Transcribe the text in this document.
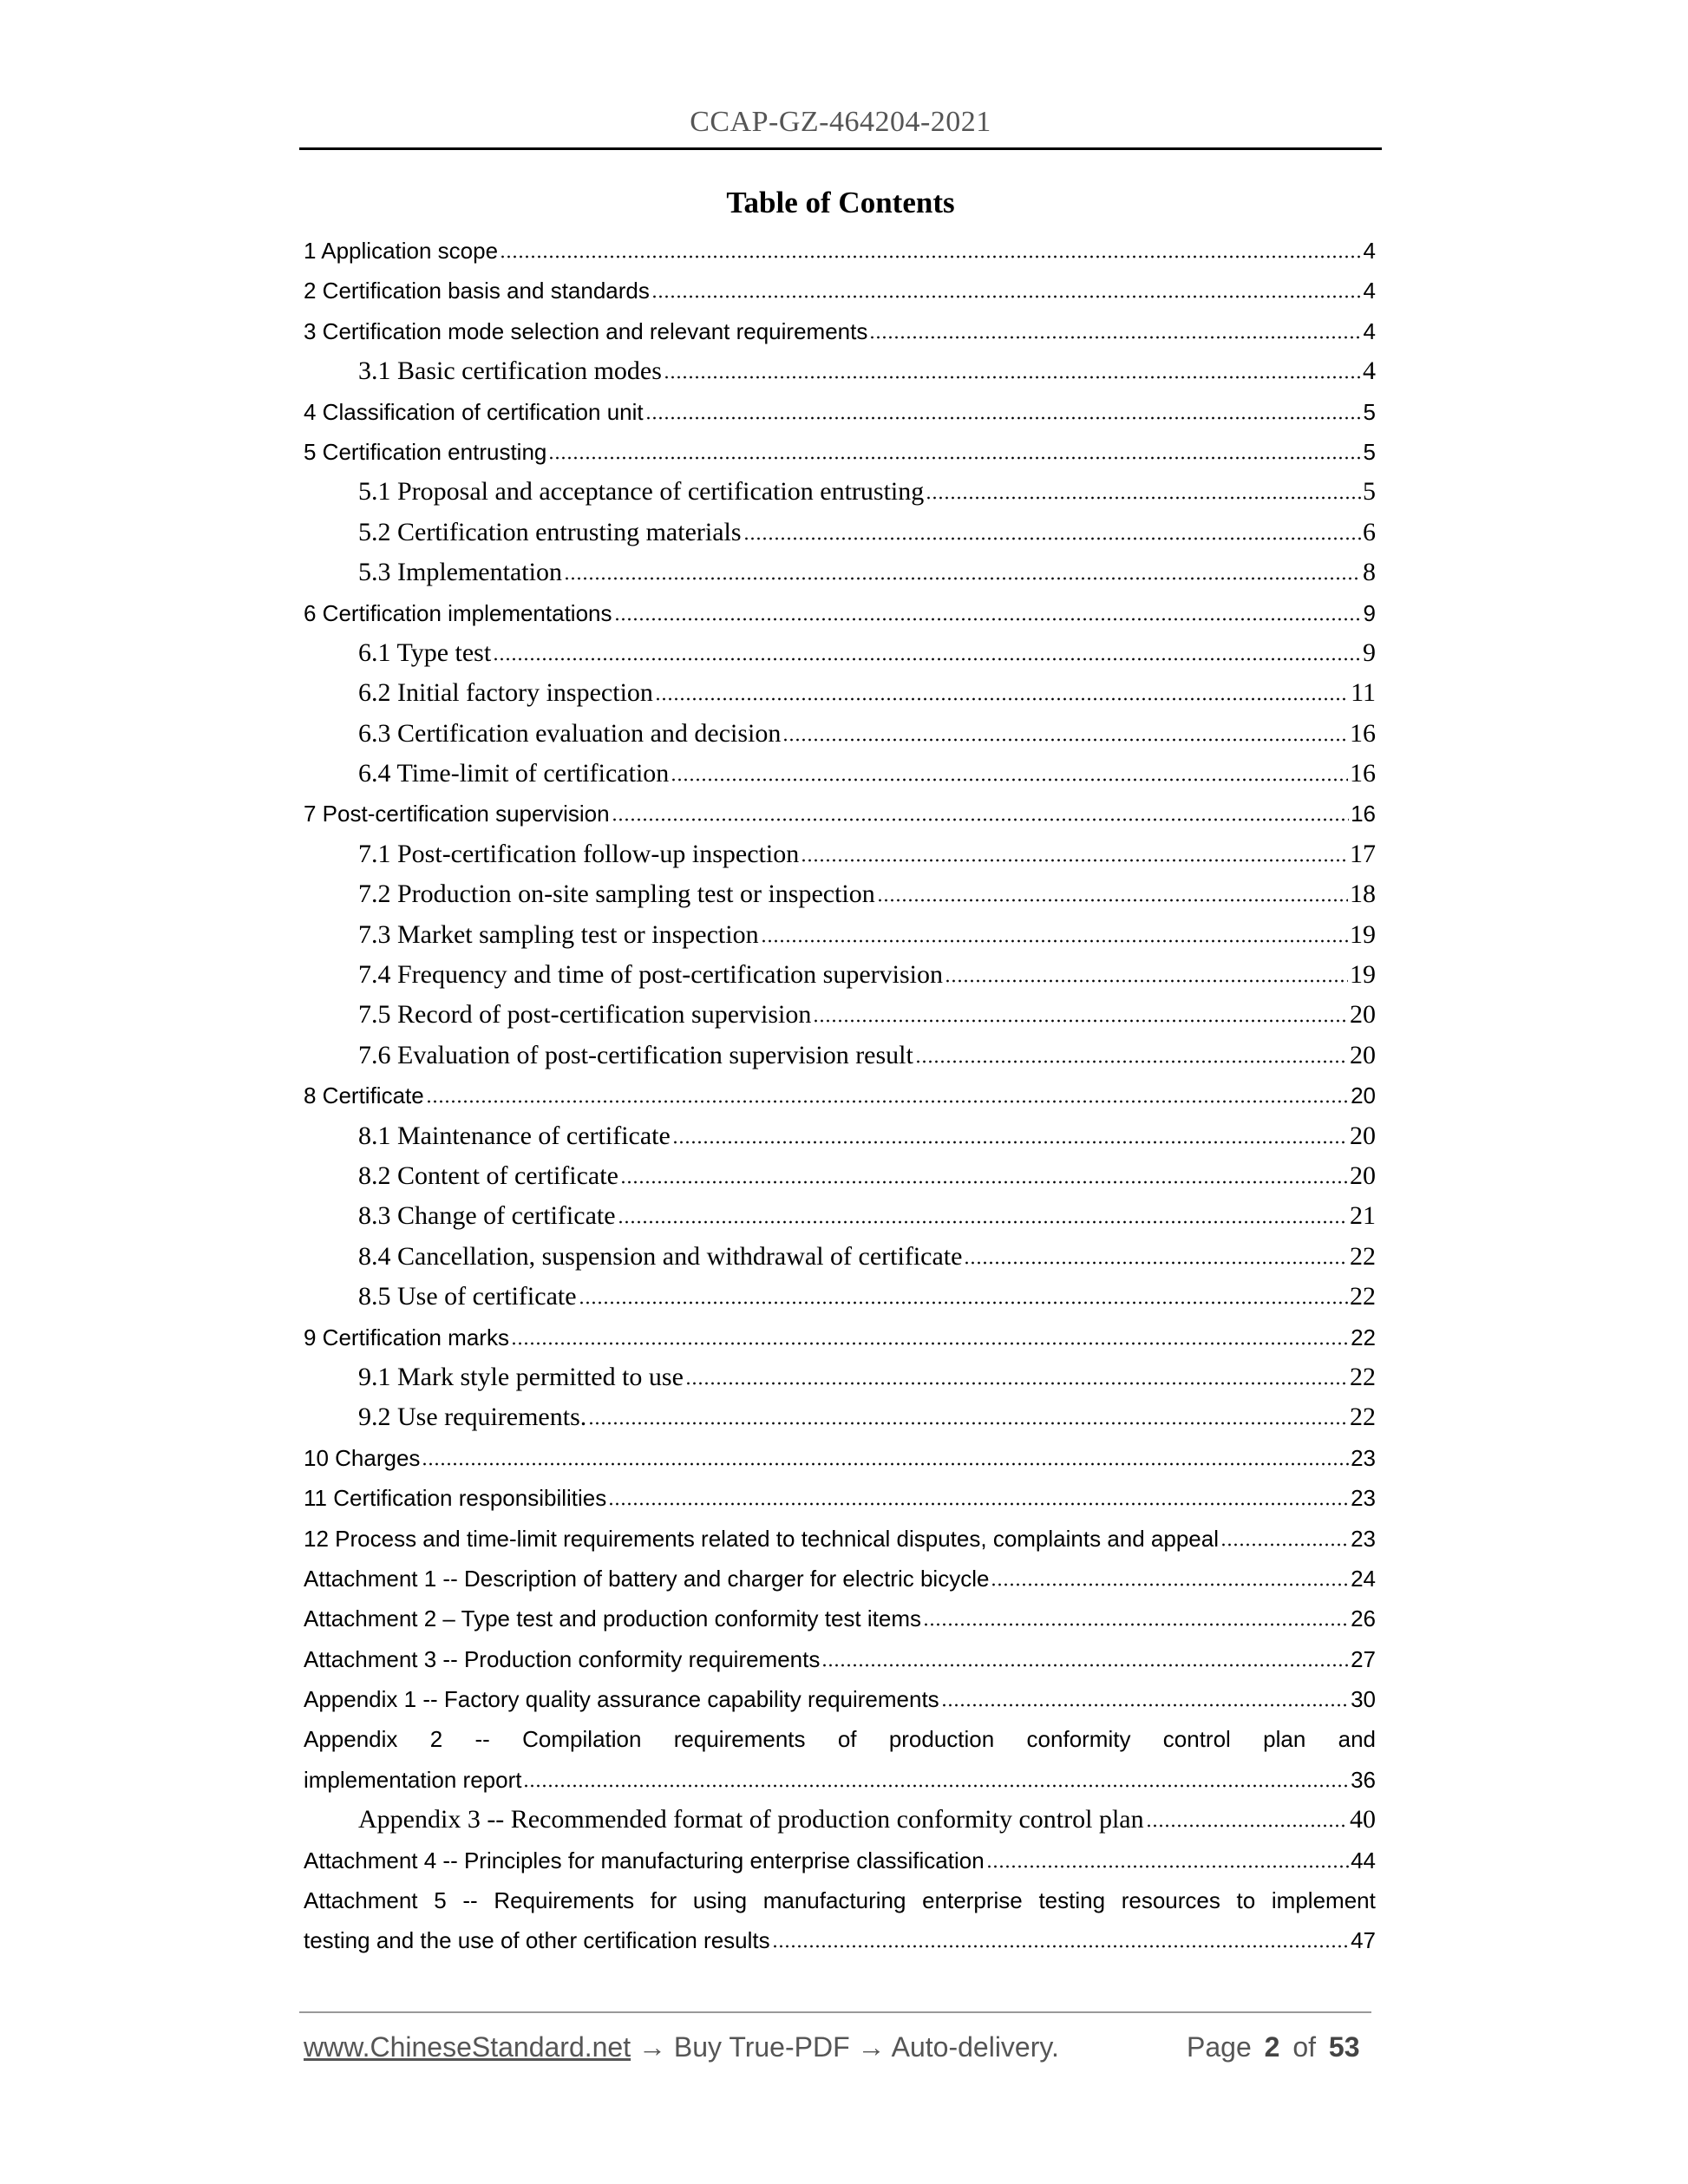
CCAP-GZ-464204-2021
Table of Contents
1 Application scope	4
2 Certification basis and standards	4
3 Certification mode selection and relevant requirements	4
3.1 Basic certification modes	4
4 Classification of certification unit	5
5 Certification entrusting	5
5.1 Proposal and acceptance of certification entrusting	5
5.2 Certification entrusting materials	6
5.3 Implementation	8
6 Certification implementations	9
6.1 Type test	9
6.2 Initial factory inspection	11
6.3 Certification evaluation and decision	16
6.4 Time-limit of certification	16
7 Post-certification supervision	16
7.1 Post-certification follow-up inspection	17
7.2 Production on-site sampling test or inspection	18
7.3 Market sampling test or inspection	19
7.4 Frequency and time of post-certification supervision	19
7.5 Record of post-certification supervision	20
7.6 Evaluation of post-certification supervision result	20
8 Certificate	20
8.1 Maintenance of certificate	20
8.2 Content of certificate	20
8.3 Change of certificate	21
8.4 Cancellation, suspension and withdrawal of certificate	22
8.5 Use of certificate	22
9 Certification marks	22
9.1 Mark style permitted to use	22
9.2 Use requirements.	22
10 Charges	23
11 Certification responsibilities	23
12 Process and time-limit requirements related to technical disputes, complaints and appeal	23
Attachment 1 -- Description of battery and charger for electric bicycle	24
Attachment 2 – Type test and production conformity test items	26
Attachment 3 -- Production conformity requirements	27
Appendix 1 -- Factory quality assurance capability requirements	30
Appendix 2 -- Compilation requirements of production conformity control plan and
implementation report	36
Appendix 3 -- Recommended format of production conformity control plan	40
Attachment 4 -- Principles for manufacturing enterprise classification	44
Attachment 5 -- Requirements for using manufacturing enterprise testing resources to implement
testing and the use of other certification results	47
www.ChineseStandard.net → Buy True-PDF → Auto-delivery.	Page 2 of 53
